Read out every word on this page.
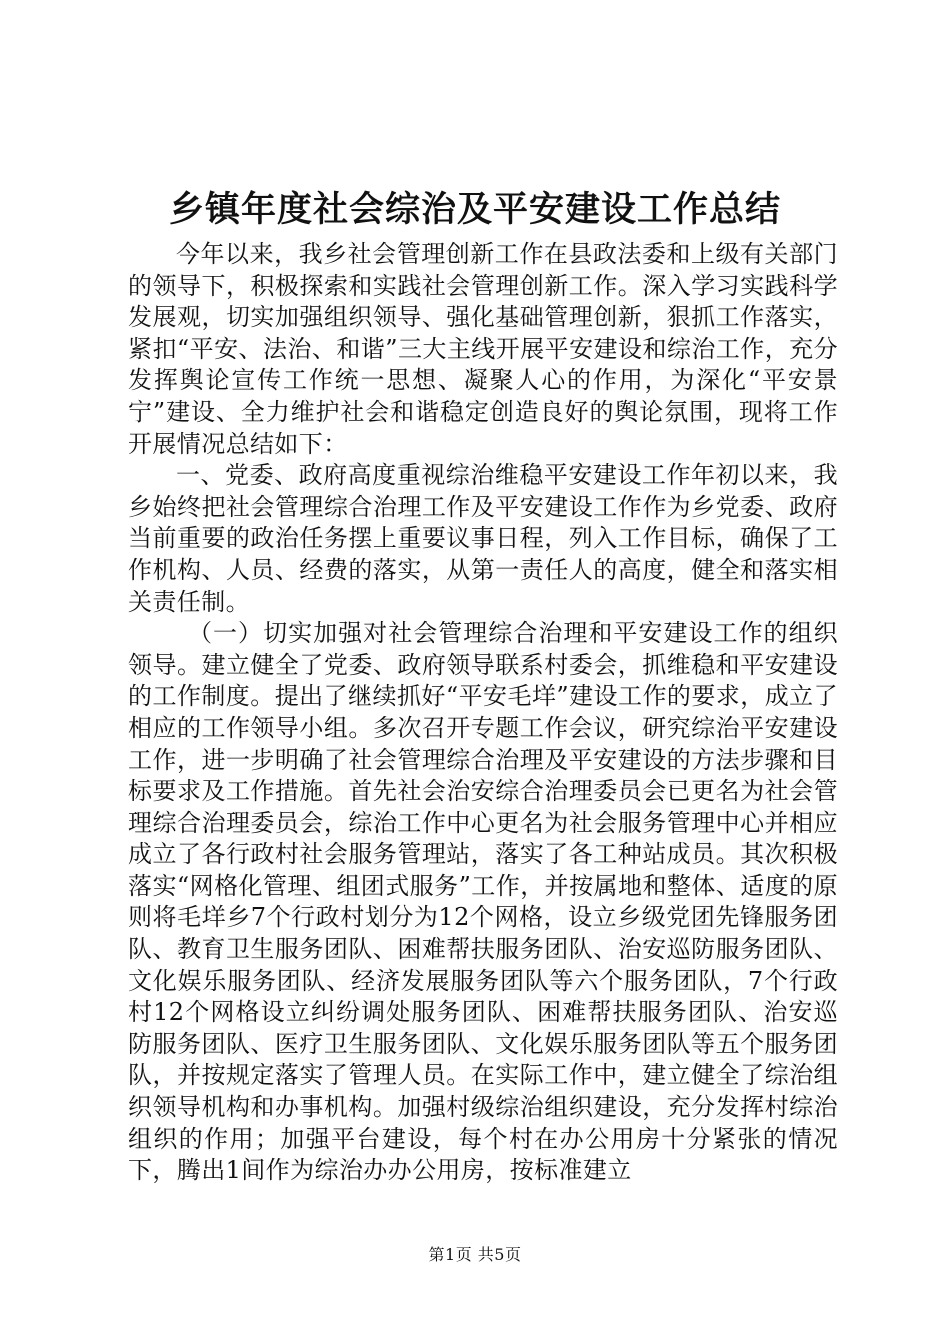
乡镇年度社会综治及平安建设工作总结

今年以来，我乡社会管理创新工作在县政法委和上级有关部门的领导下，积极探索和实践社会管理创新工作。深入学习实践科学发展观，切实加强组织领导、强化基础管理创新，狠抓工作落实，紧扣“平安、法治、和谐”三大主线开展平安建设和综治工作，充分发挥舆论宣传工作统一思想、凝聚人心的作用，为深化“平安景宁”建设、全力维护社会和谐稳定创造良好的舆论氛围，现将工作开展情况总结如下：

一、党委、政府高度重视综治维稳平安建设工作年初以来，我乡始终把社会管理综合治理工作及平安建设工作作为乡党委、政府当前重要的政治任务摆上重要议事日程，列入工作目标，确保了工作机构、人员、经费的落实，从第一责任人的高度，健全和落实相关责任制。

（一）切实加强对社会管理综合治理和平安建设工作的组织领导。建立健全了党委、政府领导联系村委会，抓维稳和平安建设的工作制度。提出了继续抓好“平安毛垟”建设工作的要求，成立了相应的工作领导小组。多次召开专题工作会议，研究综治平安建设工作，进一步明确了社会管理综合治理及平安建设的方法步骤和目标要求及工作措施。首先社会治安综合治理委员会已更名为社会管理综合治理委员会，综治工作中心更名为社会服务管理中心并相应成立了各行政村社会服务管理站，落实了各工种站成员。其次积极落实“网格化管理、组团式服务”工作，并按属地和整体、适度的原则将毛垟乡7个行政村划分为12个网格，设立乡级党团先锋服务团队、教育卫生服务团队、困难帮扶服务团队、治安巡防服务团队、文化娱乐服务团队、经济发展服务团队等六个服务团队，7个行政村12个网格设立纠纷调处服务团队、困难帮扶服务团队、治安巡防服务团队、医疗卫生服务团队、文化娱乐服务团队等五个服务团队，并按规定落实了管理人员。在实际工作中，建立健全了综治组织领导机构和办事机构。加强村级综治组织建设，充分发挥村综治组织的作用；加强平台建设，每个村在办公用房十分紧张的情况下，腾出1间作为综治办办公用房，按标准建立

第1页 共5页
